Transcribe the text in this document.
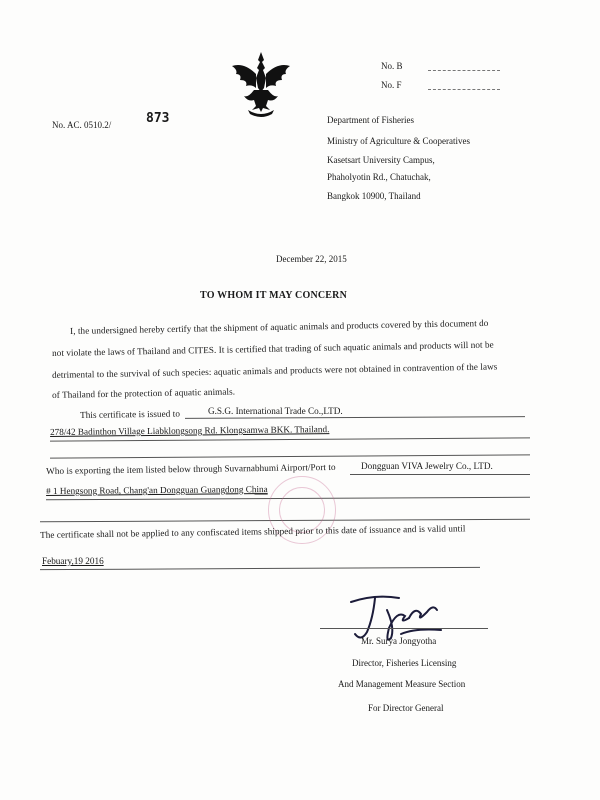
No. B
No. F
No. AC. 0510.2/	873	Department of Fisheries
Ministry of Agriculture & Cooperatives
Kasetsart University Campus,
Phaholyotin Rd., Chatuchak,
Bangkok 10900, Thailand
December 22, 2015
TO WHOM IT MAY CONCERN
I, the undersigned hereby certify that the shipment of aquatic animals and products covered by this document do
not violate the laws of Thailand and CITES. It is certified that trading of such aquatic animals and products will not be
detrimental to the survival of such species: aquatic animals and products were not obtained in contravention of the laws
of Thailand for the protection of aquatic animals.
This certificate is issued to	G.S.G. International Trade Co.,LTD.
278/42 Badinthon Village Liabklongsong Rd. Klongsamwa BKK. Thailand.
Who is exporting the item listed below through Suvarnabhumi Airport/Port to	Dongguan VIVA Jewelry Co., LTD.
# 1 Hengsong Road, Chang'an Dongguan Guangdong China
The certificate shall not be applied to any confiscated items shipped prior to this date of issuance and is valid until
Febuary,19 2016
Mr. Surya Jongyotha
Director, Fisheries Licensing
And Management Measure Section
For Director General
